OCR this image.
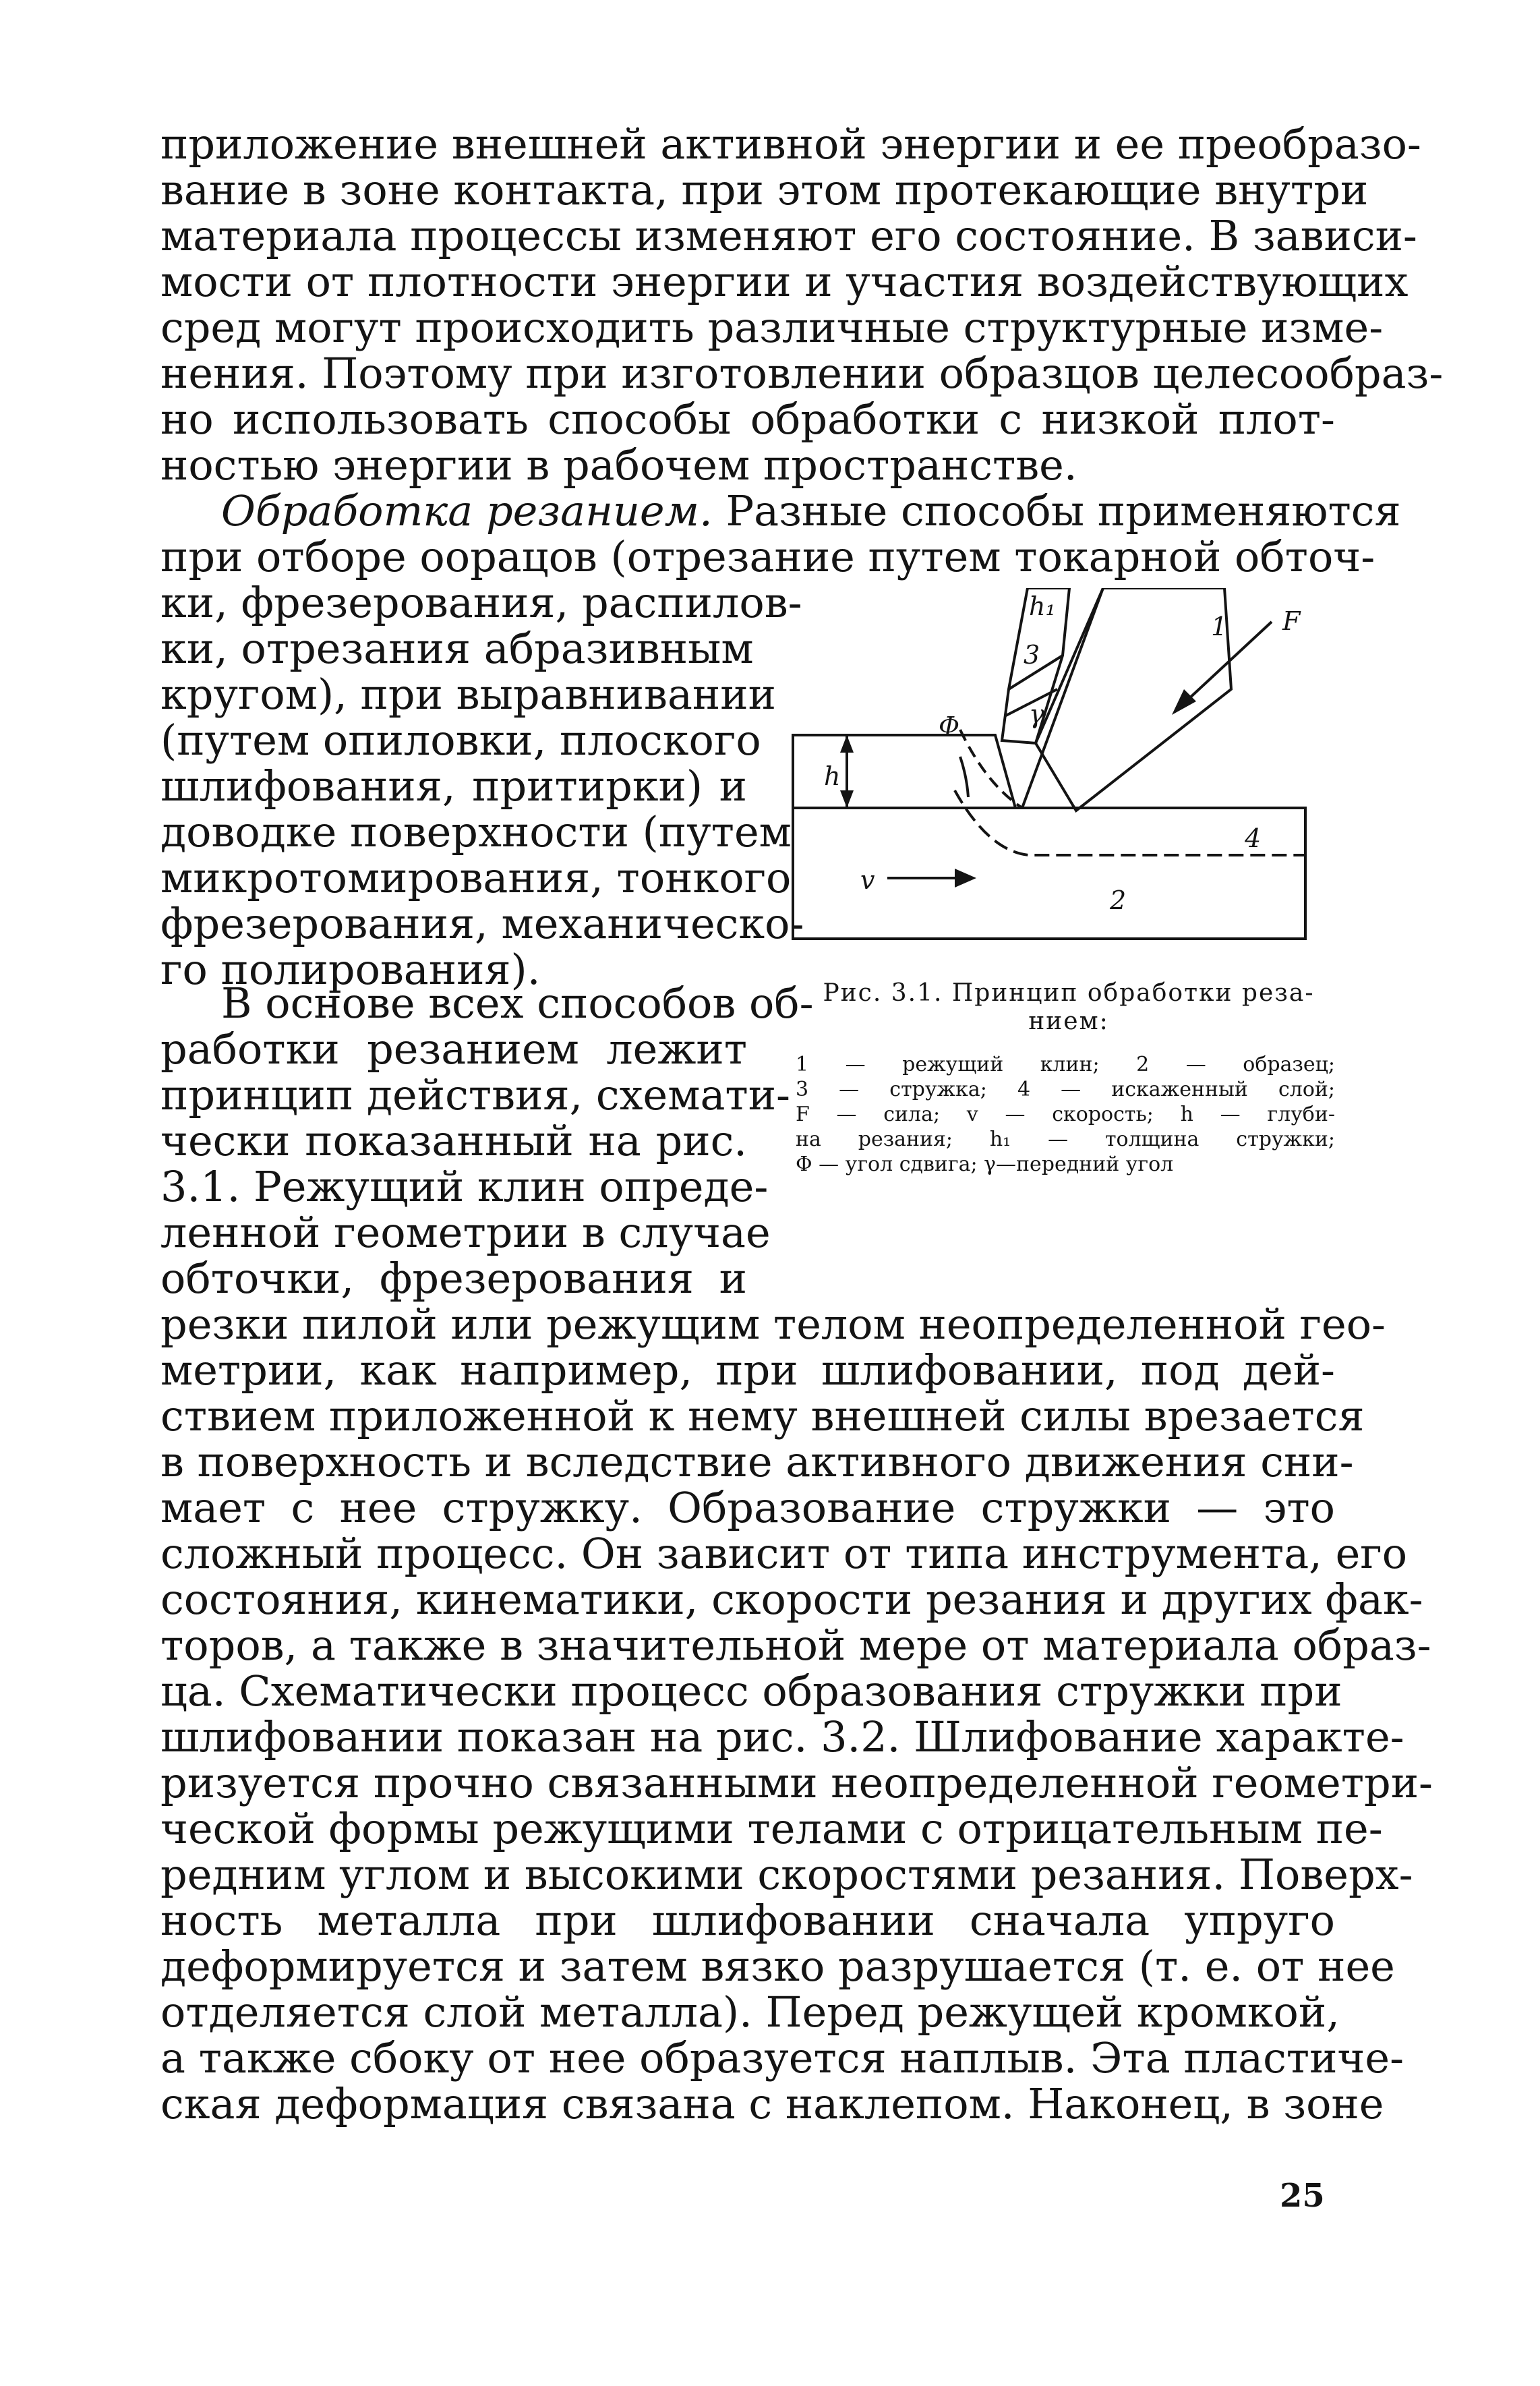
приложение внешней активной энергии и ее преобразо-
вание в зоне контакта, при этом протекающие внутри
материала процессы изменяют его состояние. В зависи-
мости от плотности энергии и участия воздействующих
сред могут происходить различные структурные изме-
нения. Поэтому при изготовлении образцов целесообраз-
но использовать способы обработки с низкой плот-
ностью энергии в рабочем пространстве.
Обработка резанием. Разные способы применяются
при отборе оорацов (отрезание путем токарной обточ-
ки, фрезерования, распилов-
ки, отрезания абразивным
кругом), при выравнивании
(путем опиловки, плоского
шлифования, притирки) и
доводке поверхности (путем
микротомирования, тонкого
фрезерования, механическо-
го полирования).
В основе всех способов об-
работки резанием лежит
принцип действия, схемати-
чески показанный на рис.
3.1. Режущий клин опреде-
ленной геометрии в случае
обточки, фрезерования и
резки пилой или режущим телом неопределенной гео-
метрии, как например, при шлифовании, под дей-
ствием приложенной к нему внешней силы врезается
в поверхность и вследствие активного движения сни-
мает с нее стружку. Образование стружки — это
сложный процесс. Он зависит от типа инструмента, его
состояния, кинематики, скорости резания и других фак-
торов, а также в значительной мере от материала образ-
ца. Схематически процесс образования стружки при
шлифовании показан на рис. 3.2. Шлифование характе-
ризуется прочно связанными неопределенной геометри-
ческой формы режущими телами с отрицательным пе-
редним углом и высокими скоростями резания. Поверх-
ность металла при шлифовании сначала упруго
деформируется и затем вязко разрушается (т. е. от нее
отделяется слой металла). Перед режущей кромкой,
а также сбоку от нее образуется наплыв. Эта пластиче-
ская деформация связана с наклепом. Наконец, в зоне
h₁
3
γ
Φ
1 F
h
4
v
2
Рис. 3.1. Принцип обработки реза-
нием:
1 — режущий клин; 2 — образец;
3 — стружка; 4 — искаженный слой;
F — сила; v — скорость; h — глуби-
на резания; h₁ — толщина стружки;
Φ — угол сдвига; γ—передний угол
25
